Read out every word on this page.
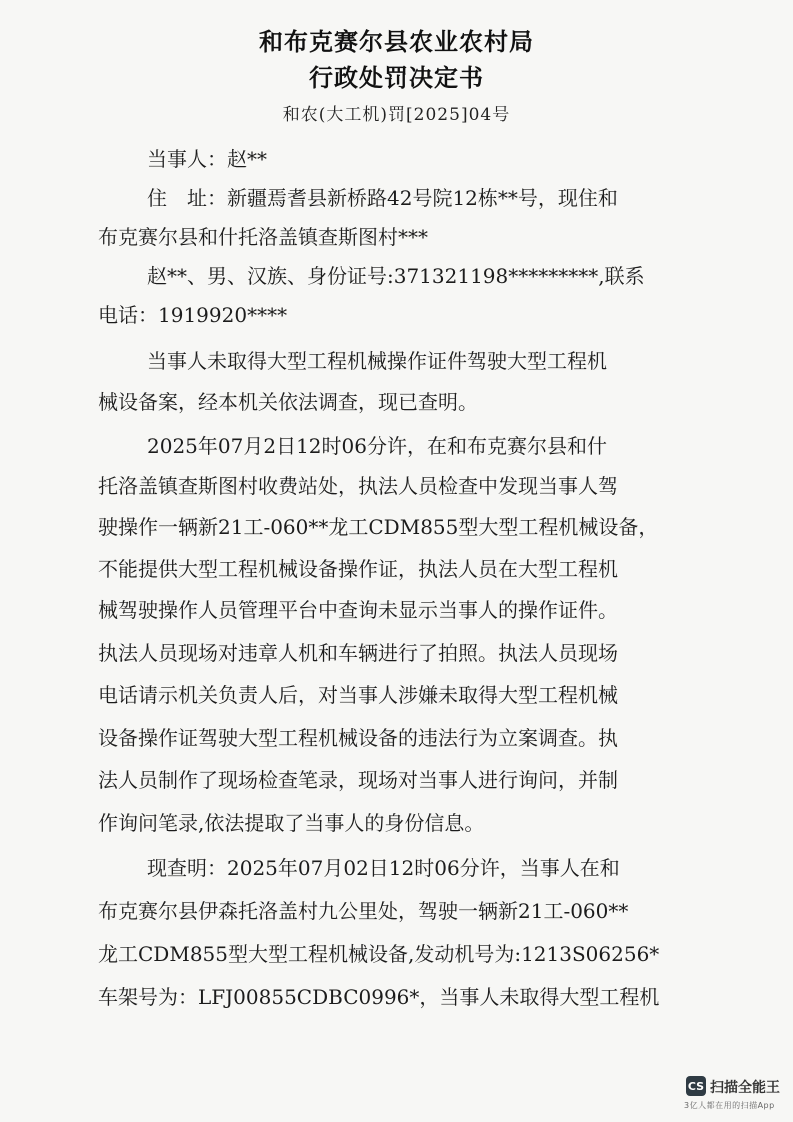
和布克赛尔县农业农村局
行政处罚决定书
和农(大工机)罚[2025]04号
当事人：赵**
住　址：新疆焉耆县新桥路42号院12栋**号，现住和
布克赛尔县和什托洛盖镇查斯图村***
赵**、男、汉族、身份证号:371321198*********,联系
电话：1919920****
当事人未取得大型工程机械操作证件驾驶大型工程机
械设备案，经本机关依法调查，现已查明。
2025年07月2日12时06分许，在和布克赛尔县和什
托洛盖镇查斯图村收费站处，执法人员检查中发现当事人驾
驶操作一辆新21工-060**龙工CDM855型大型工程机械设备，
不能提供大型工程机械设备操作证，执法人员在大型工程机
械驾驶操作人员管理平台中查询未显示当事人的操作证件。
执法人员现场对违章人机和车辆进行了拍照。执法人员现场
电话请示机关负责人后，对当事人涉嫌未取得大型工程机械
设备操作证驾驶大型工程机械设备的违法行为立案调查。执
法人员制作了现场检查笔录，现场对当事人进行询问，并制
作询问笔录,依法提取了当事人的身份信息。
现查明：2025年07月02日12时06分许，当事人在和
布克赛尔县伊森托洛盖村九公里处，驾驶一辆新21工-060**
龙工CDM855型大型工程机械设备,发动机号为:1213S06256*
车架号为：LFJ00855CDBC0996*，当事人未取得大型工程机
CS 扫描全能王
3亿人都在用的扫描App
